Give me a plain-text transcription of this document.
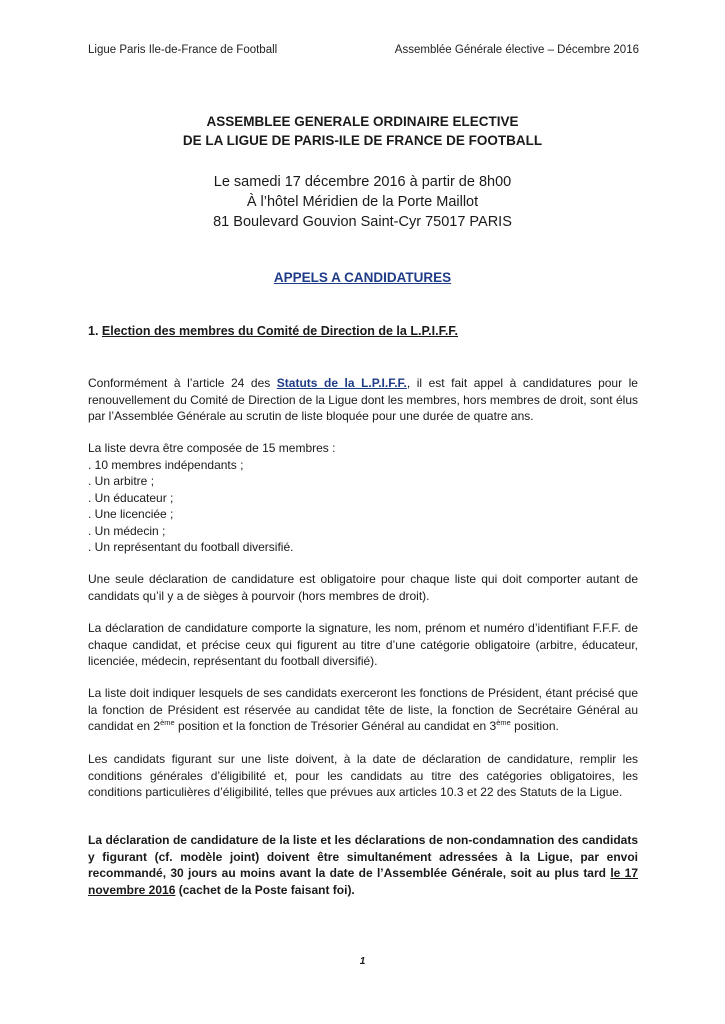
Ligue Paris Ile-de-France de Football	Assemblée Générale élective – Décembre 2016
ASSEMBLEE GENERALE ORDINAIRE ELECTIVE
DE LA LIGUE DE PARIS-ILE DE FRANCE DE FOOTBALL
Le samedi 17 décembre 2016 à partir de 8h00
À l’hôtel Méridien de la Porte Maillot
81 Boulevard Gouvion Saint-Cyr 75017 PARIS
APPELS A CANDIDATURES
1. Election des membres du Comité de Direction de la L.P.I.F.F.
Conformément à l’article 24 des Statuts de la L.P.I.F.F., il est fait appel à candidatures pour le renouvellement du Comité de Direction de la Ligue dont les membres, hors membres de droit, sont élus par l’Assemblée Générale au scrutin de liste bloquée pour une durée de quatre ans.
La liste devra être composée de 15 membres :
. 10 membres indépendants ;
. Un arbitre ;
. Un éducateur ;
. Une licenciée ;
. Un médecin ;
. Un représentant du football diversifié.
Une seule déclaration de candidature est obligatoire pour chaque liste qui doit comporter autant de candidats qu’il y a de sièges à pourvoir (hors membres de droit).
La déclaration de candidature comporte la signature, les nom, prénom et numéro d’identifiant F.F.F. de chaque candidat, et précise ceux qui figurent au titre d’une catégorie obligatoire (arbitre, éducateur, licenciée, médecin, représentant du football diversifié).
La liste doit indiquer lesquels de ses candidats exerceront les fonctions de Président, étant précisé que la fonction de Président est réservée au candidat tête de liste, la fonction de Secrétaire Général au candidat en 2ème position et la fonction de Trésorier Général au candidat en 3ème position.
Les candidats figurant sur une liste doivent, à la date de déclaration de candidature, remplir les conditions générales d’éligibilité et, pour les candidats au titre des catégories obligatoires, les conditions particulières d’éligibilité, telles que prévues aux articles 10.3 et 22 des Statuts de la Ligue.
La déclaration de candidature de la liste et les déclarations de non-condamnation des candidats y figurant (cf. modèle joint) doivent être simultanément adressées à la Ligue, par envoi recommandé, 30 jours au moins avant la date de l’Assemblée Générale, soit au plus tard le 17 novembre 2016 (cachet de la Poste faisant foi).
1
